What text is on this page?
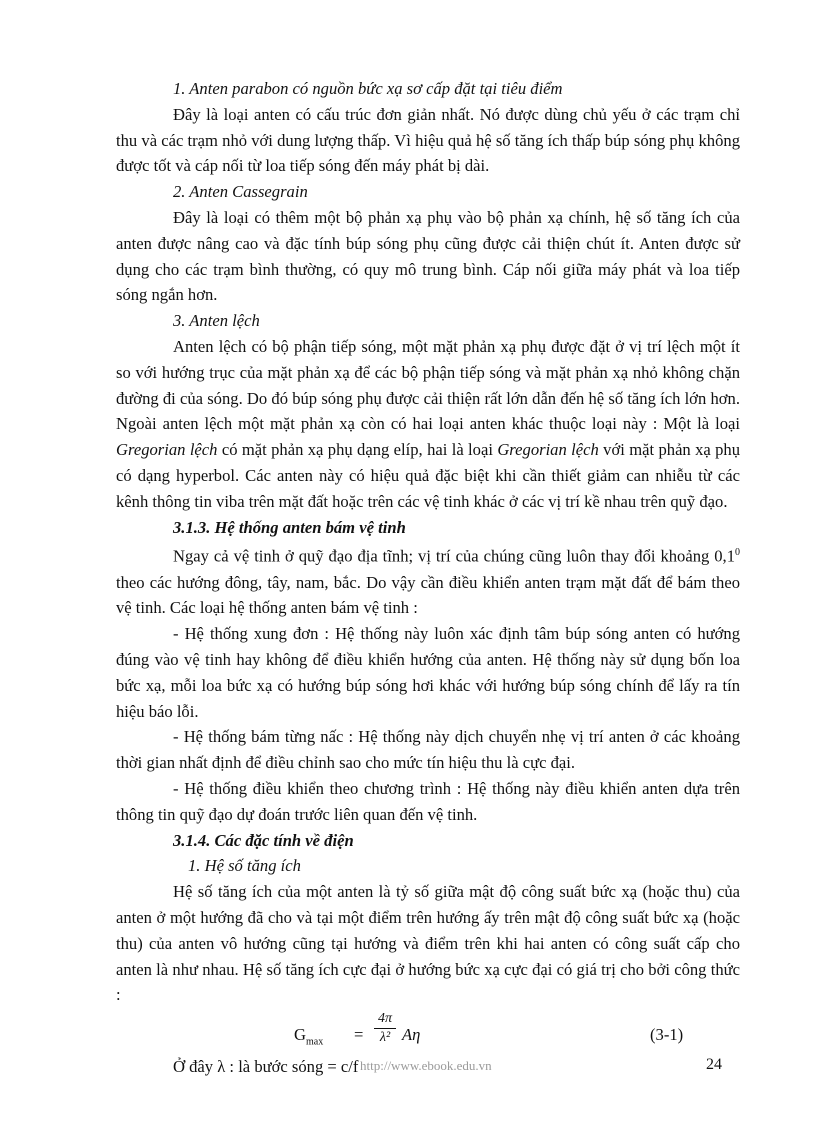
1. Anten parabon có nguồn bức xạ sơ cấp đặt tại tiêu điểm

Đây là loại anten có cấu trúc đơn giản nhất. Nó được dùng chủ yếu ở các trạm chỉ thu và các trạm nhỏ với dung lượng thấp. Vì hiệu quả hệ số tăng ích thấp búp sóng phụ không được tốt và cáp nối từ loa tiếp sóng đến máy phát bị dài.

2. Anten Cassegrain

Đây là loại có thêm một bộ phản xạ phụ vào bộ phản xạ chính, hệ số tăng ích của anten được nâng cao và đặc tính búp sóng phụ cũng được cải thiện chút ít. Anten được sử dụng cho các trạm bình thường, có quy mô trung bình. Cáp nối giữa máy phát và loa tiếp sóng ngắn hơn.

3. Anten lệch

Anten lệch có bộ phận tiếp sóng, một mặt phản xạ phụ được đặt ở vị trí lệch một ít so với hướng trục của mặt phản xạ để các bộ phận tiếp sóng và mặt phản xạ nhỏ không chặn đường đi của sóng. Do đó búp sóng phụ được cải thiện rất lớn dẫn đến hệ số tăng ích lớn hơn. Ngoài anten lệch một mặt phản xạ còn có hai loại anten khác thuộc loại này : Một là loại Gregorian lệch có mặt phản xạ phụ dạng elíp, hai là loại Gregorian lệch với mặt phản xạ phụ có dạng hyperbol. Các anten này có hiệu quả đặc biệt khi cần thiết giảm can nhiễu từ các kênh thông tin viba trên mặt đất hoặc trên các vệ tinh khác ở các vị trí kề nhau trên quỹ đạo.

3.1.3. Hệ thống anten bám vệ tinh

Ngay cả vệ tinh ở quỹ đạo địa tĩnh; vị trí của chúng cũng luôn thay đổi khoảng $0,1^0$ theo các hướng đông, tây, nam, bắc. Do vậy cần điều khiển anten trạm mặt đất để bám theo vệ tinh. Các loại hệ thống anten bám vệ tinh :

- Hệ thống xung đơn : Hệ thống này luôn xác định tâm búp sóng anten có hướng đúng vào vệ tinh hay không để điều khiển hướng của anten. Hệ thống này sử dụng bốn loa bức xạ, mỗi loa bức xạ có hướng búp sóng hơi khác với hướng búp sóng chính để lấy ra tín hiệu báo lỗi.

- Hệ thống bám từng nấc : Hệ thống này dịch chuyển nhẹ vị trí anten ở các khoảng thời gian nhất định để điều chỉnh sao cho mức tín hiệu thu là cực đại.

- Hệ thống điều khiển theo chương trình : Hệ thống này điều khiển anten dựa trên thông tin quỹ đạo dự đoán trước liên quan đến vệ tinh.

3.1.4. Các đặc tính về điện

1. Hệ số tăng ích

Hệ số tăng ích của một anten là tỷ số giữa mật độ công suất bức xạ (hoặc thu) của anten ở một hướng đã cho và tại một điểm trên hướng ấy trên mật độ công suất bức xạ (hoặc thu) của anten vô hướng cũng tại hướng và điểm trên khi hai anten có công suất cấp cho anten là như nhau. Hệ số tăng ích cực đại ở hướng bức xạ cực đại có giá trị cho bởi công thức :

$G_{max} = \frac{4\pi}{\text{λ²}}$ Aη	(3-1)

Ở đây λ : là bước sóng = c/f http://www.ebook.edu.vn	24
